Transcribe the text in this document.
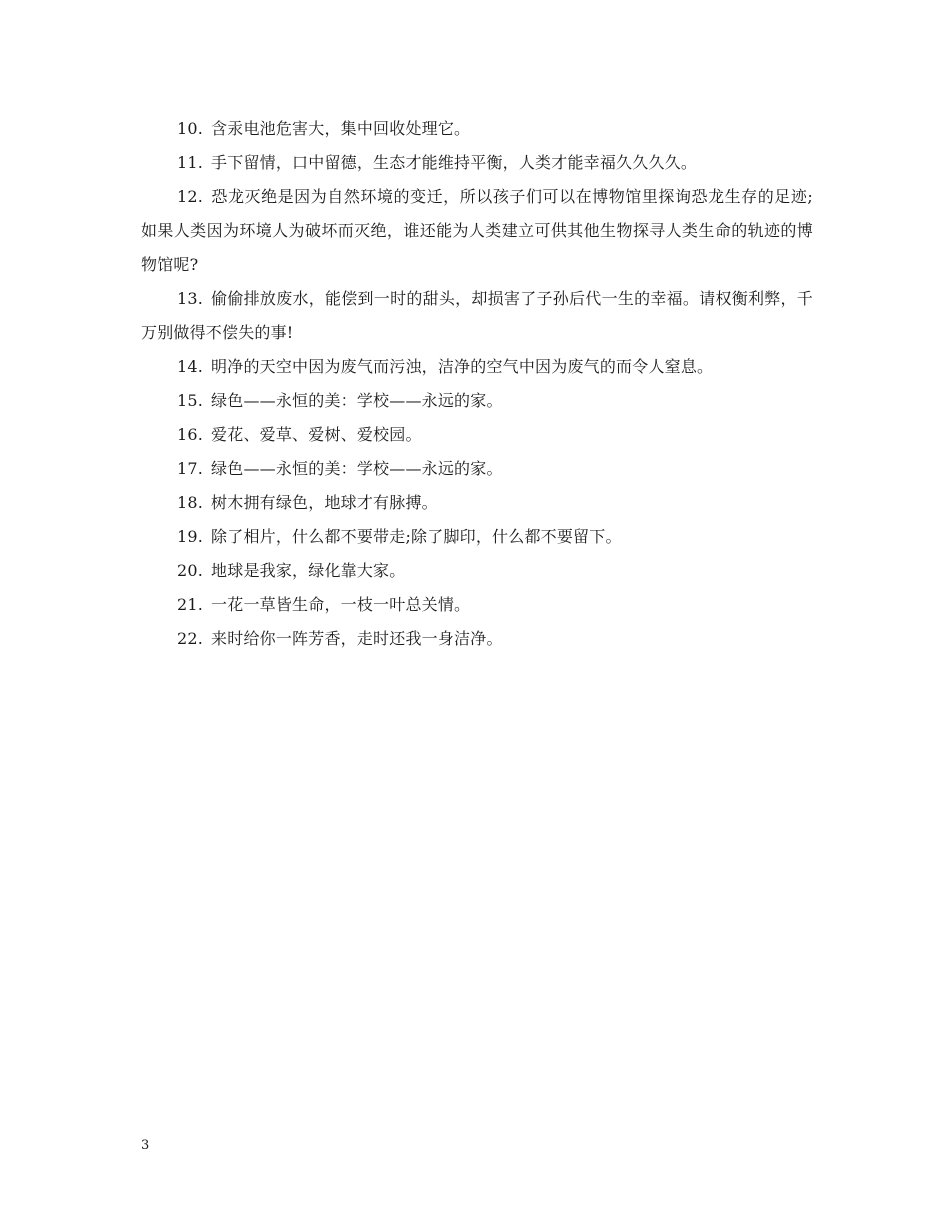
10. 含汞电池危害大，集中回收处理它。

11. 手下留情，口中留德，生态才能维持平衡，人类才能幸福久久久久。

12. 恐龙灭绝是因为自然环境的变迁，所以孩子们可以在博物馆里探询恐龙生存的足迹;如果人类因为环境人为破坏而灭绝，谁还能为人类建立可供其他生物探寻人类生命的轨迹的博物馆呢?

13. 偷偷排放废水，能偿到一时的甜头，却损害了子孙后代一生的幸福。请权衡利弊，千万别做得不偿失的事!

14. 明净的天空中因为废气而污浊，洁净的空气中因为废气的而令人窒息。

15. 绿色——永恒的美：学校——永远的家。

16. 爱花、爱草、爱树、爱校园。

17. 绿色——永恒的美：学校——永远的家。

18. 树木拥有绿色，地球才有脉搏。

19. 除了相片，什么都不要带走;除了脚印，什么都不要留下。

20. 地球是我家，绿化靠大家。

21. 一花一草皆生命，一枝一叶总关情。

22. 来时给你一阵芳香，走时还我一身洁净。

3
